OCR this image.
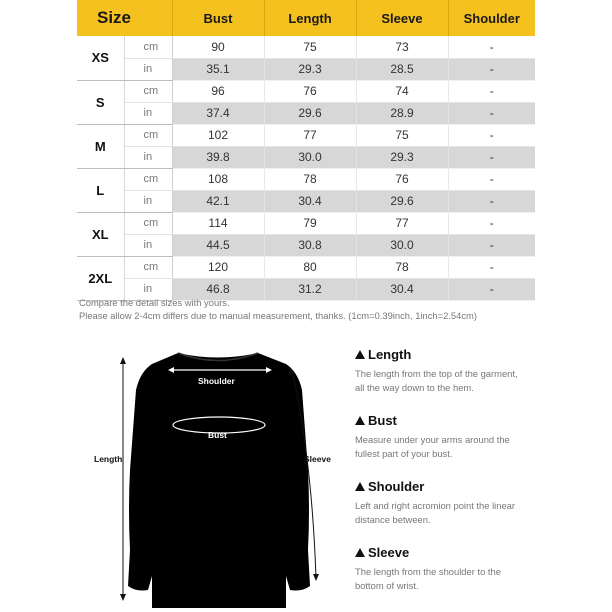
Size		Bust	Length	Sleeve	Shoulder
XS	cm	90	75	73	-
	in	35.1	29.3	28.5	-
S	cm	96	76	74	-
	in	37.4	29.6	28.9	-
M	cm	102	77	75	-
	in	39.8	30.0	29.3	-
L	cm	108	78	76	-
	in	42.1	30.4	29.6	-
XL	cm	114	79	77	-
	in	44.5	30.8	30.0	-
2XL	cm	120	80	78	-
	in	46.8	31.2	30.4	-
Compare the detail sizes with yours.
Please allow 2-4cm differs due to manual measurement, thanks. (1cm=0.39inch, 1inch=2.54cm)
Shoulder
Bust
Length	Sleeve
Length
The length from the top of the garment,
all the way down to the hem.
Bust
Measure under your arms around the
fullest part of your bust.
Shoulder
Left and right acromion point the linear
distance between.
Sleeve
The length from the shoulder to the
bottom of wrist.
